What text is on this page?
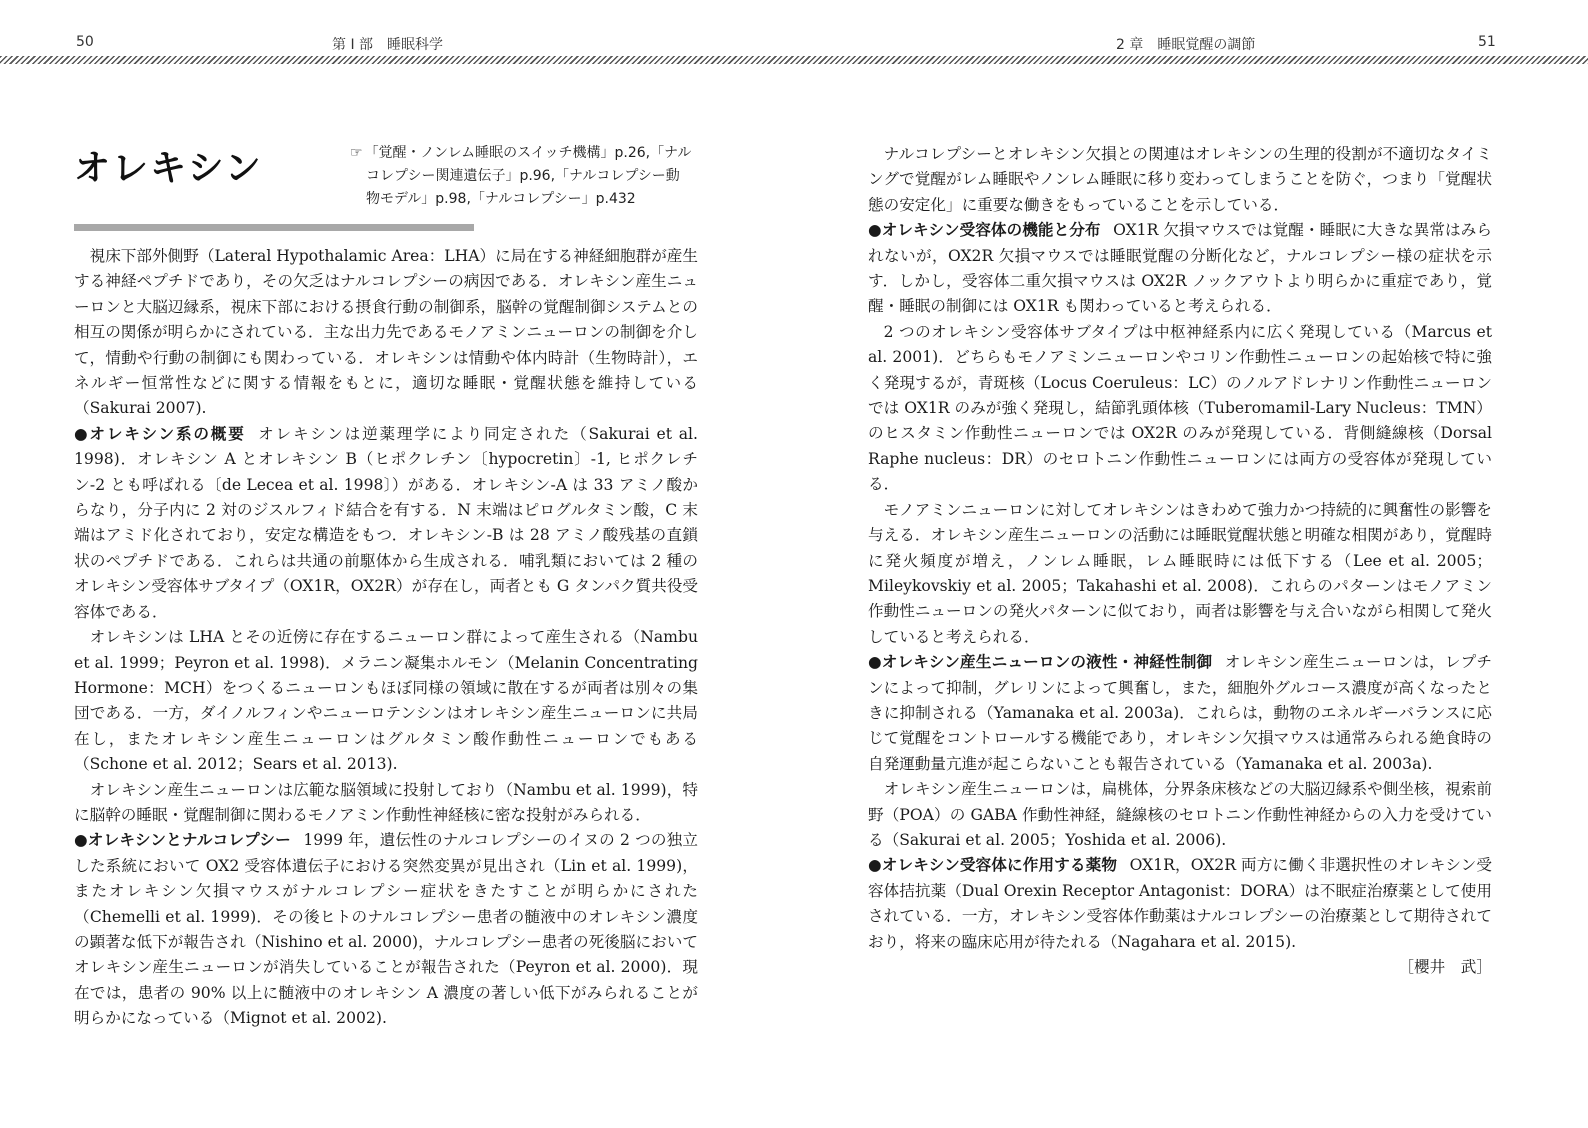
50	第 I 部　睡眠科学	2 章　睡眠覚醒の調節	51
オレキシン	☞ 「覚醒・ノンレム睡眠のスイッチ機構」p.26,「ナル
コレプシー関連遺伝子」p.96,「ナルコレプシー動
物モデル」p.98,「ナルコレプシー」p.432

視床下部外側野（Lateral Hypothalamic Area：LHA）に局在する神経細胞群が産生する神経ペプチドであり，その欠乏はナルコレプシーの病因である．オレキシン産生ニューロンと大脳辺縁系，視床下部における摂食行動の制御系，脳幹の覚醒制御システムとの相互の関係が明らかにされている．主な出力先であるモノアミンニューロンの制御を介して，情動や行動の制御にも関わっている．オレキシンは情動や体内時計（生物時計），エネルギー恒常性などに関する情報をもとに，適切な睡眠・覚醒状態を維持している（Sakurai 2007).

●オレキシン系の概要 オレキシンは逆薬理学により同定された（Sakurai et al. 1998)．オレキシン A とオレキシン B（ヒポクレチン〔hypocretin〕-1, ヒポクレチン-2 とも呼ばれる〔de Lecea et al. 1998〕）がある．オレキシン-A は 33 アミノ酸からなり，分子内に 2 対のジスルフィド結合を有する．N 末端はピログルタミン酸，C 末端はアミド化されており，安定な構造をもつ．オレキシン-B は 28 アミノ酸残基の直鎖状のペプチドである．これらは共通の前駆体から生成される．哺乳類においては 2 種のオレキシン受容体サブタイプ（OX1R，OX2R）が存在し，両者とも G タンパク質共役受容体である．

オレキシンは LHA とその近傍に存在するニューロン群によって産生される（Nambu et al. 1999；Peyron et al. 1998)．メラニン凝集ホルモン（Melanin Concentrating Hormone：MCH）をつくるニューロンもほぼ同様の領域に散在するが両者は別々の集団である．一方，ダイノルフィンやニューロテンシンはオレキシン産生ニューロンに共局在し，またオレキシン産生ニューロンはグルタミン酸作動性ニューロンでもある（Schone et al. 2012；Sears et al. 2013).

オレキシン産生ニューロンは広範な脳領域に投射しており（Nambu et al. 1999)，特に脳幹の睡眠・覚醒制御に関わるモノアミン作動性神経核に密な投射がみられる．

●オレキシンとナルコレプシー 1999 年，遺伝性のナルコレプシーのイヌの 2 つの独立した系統において OX2 受容体遺伝子における突然変異が見出され（Lin et al. 1999)，またオレキシン欠損マウスがナルコレプシー症状をきたすことが明らかにされた（Chemelli et al. 1999)．その後ヒトのナルコレプシー患者の髄液中のオレキシン濃度の顕著な低下が報告され（Nishino et al. 2000)，ナルコレプシー患者の死後脳においてオレキシン産生ニューロンが消失していることが報告された（Peyron et al. 2000)．現在では，患者の 90% 以上に髄液中のオレキシン A 濃度の著しい低下がみられることが明らかになっている（Mignot et al. 2002).

ナルコレプシーとオレキシン欠損との関連はオレキシンの生理的役割が不適切なタイミングで覚醒がレム睡眠やノンレム睡眠に移り変わってしまうことを防ぐ，つまり「覚醒状態の安定化」に重要な働きをもっていることを示している．

●オレキシン受容体の機能と分布 OX1R 欠損マウスでは覚醒・睡眠に大きな異常はみられないが，OX2R 欠損マウスでは睡眠覚醒の分断化など，ナルコレプシー様の症状を示す．しかし，受容体二重欠損マウスは OX2R ノックアウトより明らかに重症であり，覚醒・睡眠の制御には OX1R も関わっていると考えられる．

2 つのオレキシン受容体サブタイプは中枢神経系内に広く発現している（Marcus et al. 2001)．どちらもモノアミンニューロンやコリン作動性ニューロンの起始核で特に強く発現するが，青斑核（Locus Coeruleus：LC）のノルアドレナリン作動性ニューロンでは OX1R のみが強く発現し，結節乳頭体核（Tuberomamil-Lary Nucleus：TMN）のヒスタミン作動性ニューロンでは OX2R のみが発現している．背側縫線核（Dorsal Raphe nucleus：DR）のセロトニン作動性ニューロンには両方の受容体が発現している．

モノアミンニューロンに対してオレキシンはきわめて強力かつ持続的に興奮性の影響を与える．オレキシン産生ニューロンの活動には睡眠覚醒状態と明確な相関があり，覚醒時に発火頻度が増え，ノンレム睡眠，レム睡眠時には低下する（Lee et al. 2005；Mileykovskiy et al. 2005；Takahashi et al. 2008)．これらのパターンはモノアミン作動性ニューロンの発火パターンに似ており，両者は影響を与え合いながら相関して発火していると考えられる．

●オレキシン産生ニューロンの液性・神経性制御 オレキシン産生ニューロンは，レプチンによって抑制，グレリンによって興奮し，また，細胞外グルコース濃度が高くなったときに抑制される（Yamanaka et al. 2003a)．これらは，動物のエネルギーバランスに応じて覚醒をコントロールする機能であり，オレキシン欠損マウスは通常みられる絶食時の自発運動量亢進が起こらないことも報告されている（Yamanaka et al. 2003a).

オレキシン産生ニューロンは，扁桃体，分界条床核などの大脳辺縁系や側坐核，視索前野（POA）の GABA 作動性神経，縫線核のセロトニン作動性神経からの入力を受けている（Sakurai et al. 2005；Yoshida et al. 2006).

●オレキシン受容体に作用する薬物 OX1R，OX2R 両方に働く非選択性のオレキシン受容体拮抗薬（Dual Orexin Receptor Antagonist：DORA）は不眠症治療薬として使用されている．一方，オレキシン受容体作動薬はナルコレプシーの治療薬として期待されており，将来の臨床応用が待たれる（Nagahara et al. 2015).

［櫻井　武］
